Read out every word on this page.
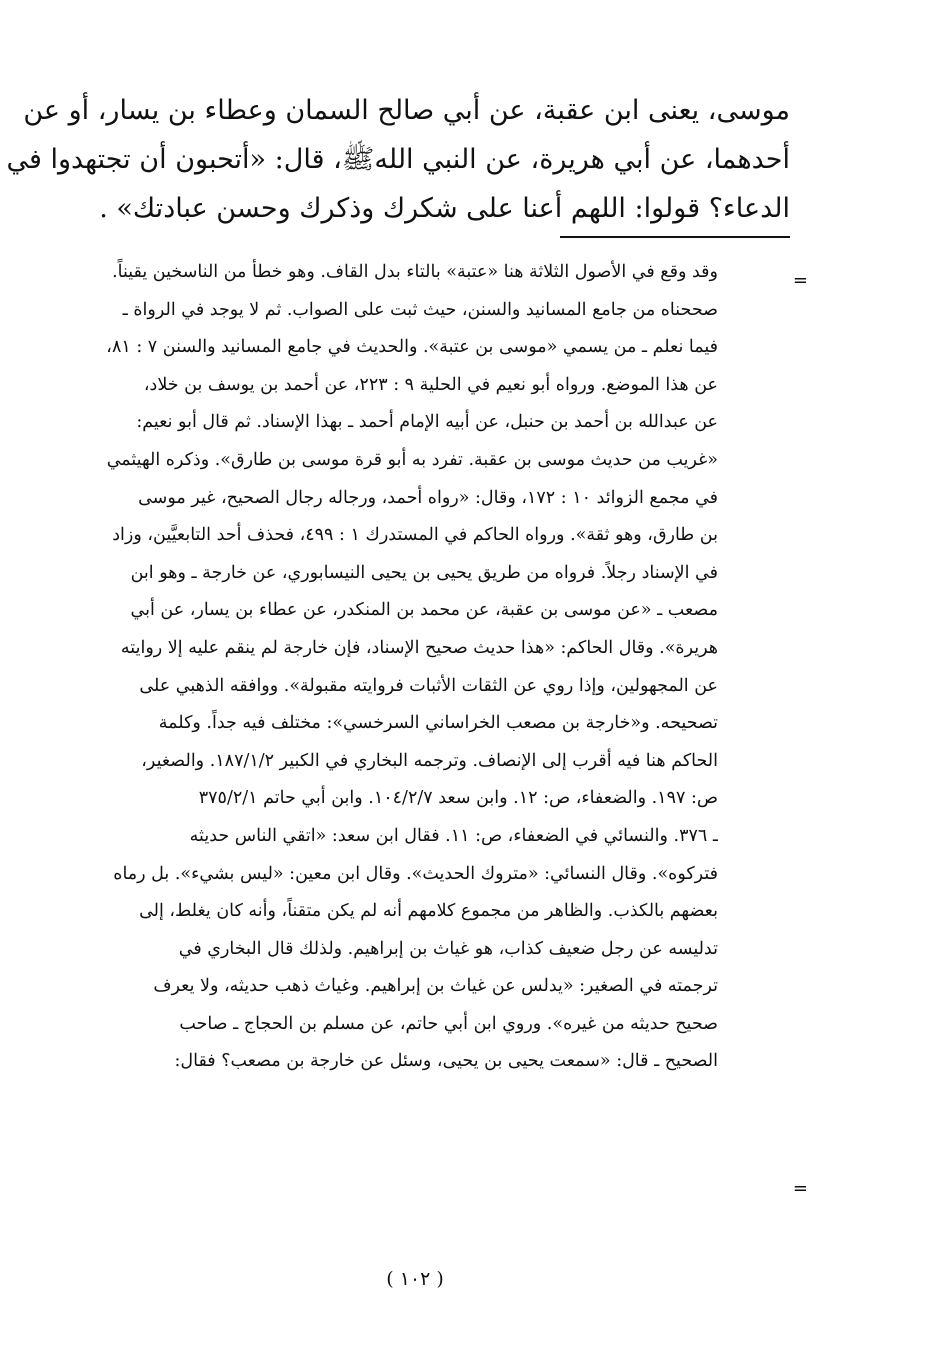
موسى، يعنى ابن عقبة، عن أبي صالح السمان وعطاء بن يسار، أو عن
أحدهما، عن أبي هريرة، عن النبي اللهﷺ، قال: «أتحبون أن تجتهدوا في
الدعاء؟ قولوا: اللهم أعنا على شكرك وذكرك وحسن عبادتك» .
=
وقد وقع في الأصول الثلاثة هنا «عتبة» بالتاء بدل القاف. وهو خطأ من الناسخين يقيناً.
صححناه من جامع المسانيد والسنن، حيث ثبت على الصواب. ثم لا يوجد في الرواة ـ
فيما نعلم ـ من يسمي «موسى بن عتبة». والحديث في جامع المسانيد والسنن ٧ : ٨١،
عن هذا الموضع. ورواه أبو نعيم في الحلية ٩ : ٢٢٣، عن أحمد بن يوسف بن خلاد،
عن عبدالله بن أحمد بن حنبل، عن أبيه الإمام أحمد ـ بهذا الإسناد. ثم قال أبو نعيم:
«غريب من حديث موسى بن عقبة. تفرد به أبو قرة موسى بن طارق». وذكره الهيثمي
في مجمع الزوائد ١٠ : ١٧٢، وقال: «رواه أحمد، ورجاله رجال الصحيح، غير موسى
بن طارق، وهو ثقة». ورواه الحاكم في المستدرك ١ : ٤٩٩، فحذف أحد التابعيَّين، وزاد
في الإسناد رجلاً. فرواه من طريق يحيى بن يحيى النيسابوري، عن خارجة ـ وهو ابن
مصعب ـ «عن موسى بن عقبة، عن محمد بن المنكدر، عن عطاء بن يسار، عن أبي
هريرة». وقال الحاكم: «هذا حديث صحيح الإسناد، فإن خارجة لم ينقم عليه إلا روايته
عن المجهولين، وإذا روي عن الثقات الأثبات فروايته مقبولة». ووافقه الذهبي على
تصحيحه. و«خارجة بن مصعب الخراساني السرخسي»: مختلف فيه جداً. وكلمة
الحاكم هنا فيه أقرب إلى الإنصاف. وترجمه البخاري في الكبير ١٨٧/١/٢. والصغير،
ص: ١٩٧. والضعفاء، ص: ١٢. وابن سعد ١٠٤/٢/٧. وابن أبي حاتم ٣٧٥/٢/١
ـ ٣٧٦. والنسائي في الضعفاء، ص: ١١. فقال ابن سعد: «اتقي الناس حديثه
فتركوه». وقال النسائي: «متروك الحديث». وقال ابن معين: «ليس بشيء». بل رماه
بعضهم بالكذب. والظاهر من مجموع كلامهم أنه لم يكن متقناً، وأنه كان يغلط، إلى
تدليسه عن رجل ضعيف كذاب، هو غياث بن إبراهيم. ولذلك قال البخاري في
ترجمته في الصغير: «يدلس عن غياث بن إبراهيم. وغياث ذهب حديثه، ولا يعرف
صحيح حديثه من غيره». وروي ابن أبي حاتم، عن مسلم بن الحجاج ـ صاحب
الصحيح ـ قال: «سمعت يحيى بن يحيى، وسئل عن خارجة بن مصعب؟ فقال:
=
( ١٠٢ )
